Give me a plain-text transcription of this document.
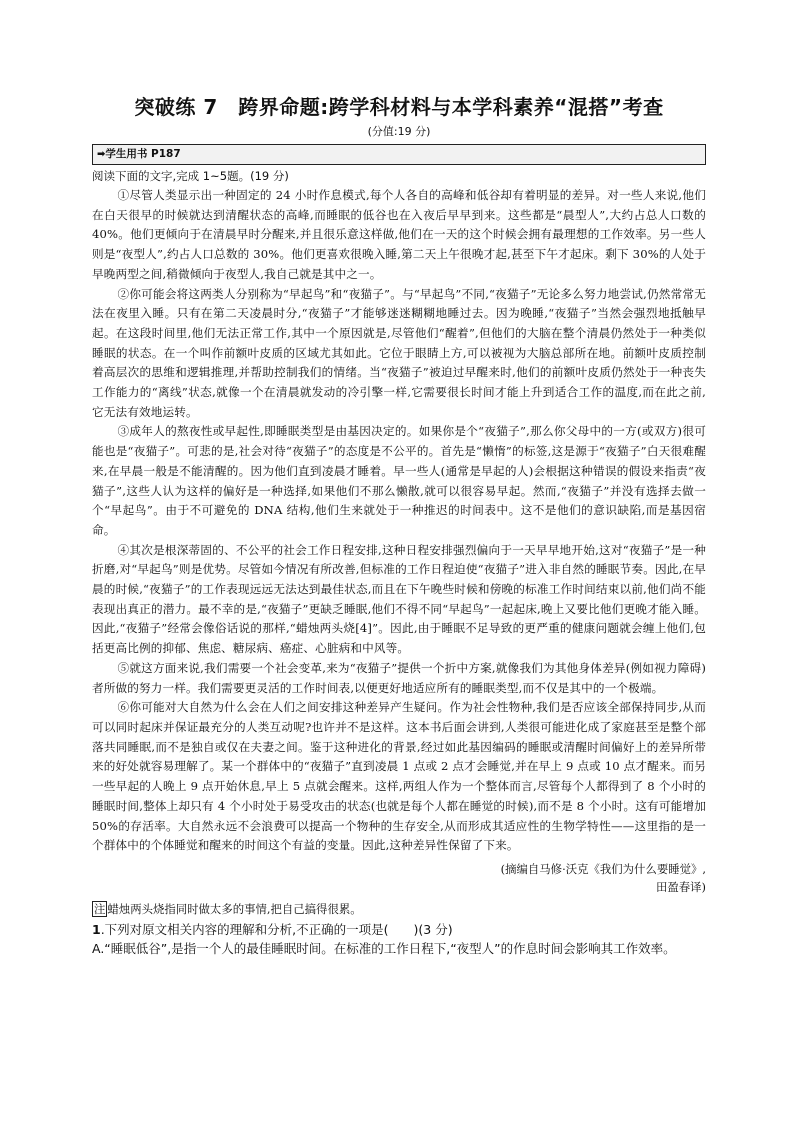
突破练 7　跨界命题:跨学科材料与本学科素养“混搭”考查
(分值:19 分)
➡学生用书 P187
阅读下面的文字,完成 1~5题。(19 分)

①尽管人类显示出一种固定的 24 小时作息模式,每个人各自的高峰和低谷却有着明显的差异。对一些人来说,他们在白天很早的时候就达到清醒状态的高峰,而睡眠的低谷也在入夜后早早到来。这些都是“晨型人”,大约占总人口数的 40%。他们更倾向于在清晨早时分醒来,并且很乐意这样做,他们在一天的这个时候会拥有最理想的工作效率。另一些人则是“夜型人”,约占人口总数的 30%。他们更喜欢很晚入睡,第二天上午很晚才起,甚至下午才起床。剩下 30%的人处于早晚两型之间,稍微倾向于夜型人,我自己就是其中之一。

②你可能会将这两类人分别称为“早起鸟”和“夜猫子”。与“早起鸟”不同,“夜猫子”无论多么努力地尝试,仍然常常无法在夜里入睡。只有在第二天凌晨时分,“夜猫子”才能够迷迷糊糊地睡过去。因为晚睡,“夜猫子”当然会强烈地抵触早起。在这段时间里,他们无法正常工作,其中一个原因就是,尽管他们“醒着”,但他们的大脑在整个清晨仍然处于一种类似睡眠的状态。在一个叫作前额叶皮质的区域尤其如此。它位于眼睛上方,可以被视为大脑总部所在地。前额叶皮质控制着高层次的思维和逻辑推理,并帮助控制我们的情绪。当“夜猫子”被迫过早醒来时,他们的前额叶皮质仍然处于一种丧失工作能力的“离线”状态,就像一个在清晨就发动的冷引擎一样,它需要很长时间才能上升到适合工作的温度,而在此之前,它无法有效地运转。

③成年人的熬夜性或早起性,即睡眠类型是由基因决定的。如果你是个“夜猫子”,那么你父母中的一方(或双方)很可能也是“夜猫子”。可悲的是,社会对待“夜猫子”的态度是不公平的。首先是“懒惰”的标签,这是源于“夜猫子”白天很难醒来,在早晨一般是不能清醒的。因为他们直到凌晨才睡着。早一些人(通常是早起的人)会根据这种错误的假设来指责“夜猫子”,这些人认为这样的偏好是一种选择,如果他们不那么懒散,就可以很容易早起。然而,“夜猫子”并没有选择去做一个“早起鸟”。由于不可避免的 DNA 结构,他们生来就处于一种推迟的时间表中。这不是他们的意识缺陷,而是基因宿命。

④其次是根深蒂固的、不公平的社会工作日程安排,这种日程安排强烈偏向于一天早早地开始,这对“夜猫子”是一种折磨,对“早起鸟”则是优势。尽管如今情况有所改善,但标准的工作日程迫使“夜猫子”进入非自然的睡眠节奏。因此,在早晨的时候,“夜猫子”的工作表现远远无法达到最佳状态,而且在下午晚些时候和傍晚的标准工作时间结束以前,他们尚不能表现出真正的潜力。最不幸的是,“夜猫子”更缺乏睡眠,他们不得不同“早起鸟”一起起床,晚上又要比他们更晚才能入睡。因此,“夜猫子”经常会像俗话说的那样,“蜡烛两头烧[4]”。因此,由于睡眠不足导致的更严重的健康问题就会缠上他们,包括更高比例的抑郁、焦虑、糖尿病、癌症、心脏病和中风等。

⑤就这方面来说,我们需要一个社会变革,来为“夜猫子”提供一个折中方案,就像我们为其他身体差异(例如视力障碍)者所做的努力一样。我们需要更灵活的工作时间表,以便更好地适应所有的睡眠类型,而不仅是其中的一个极端。

⑥你可能对大自然为什么会在人们之间安排这种差异产生疑问。作为社会性物种,我们是否应该全部保持同步,从而可以同时起床并保证最充分的人类互动呢?也许并不是这样。这本书后面会讲到,人类很可能进化成了家庭甚至是整个部落共同睡眠,而不是独自或仅在夫妻之间。鉴于这种进化的背景,经过如此基因编码的睡眠或清醒时间偏好上的差异所带来的好处就容易理解了。某一个群体中的“夜猫子”直到凌晨 1 点或 2 点才会睡觉,并在早上 9 点或 10 点才醒来。而另一些早起的人晚上 9 点开始休息,早上 5 点就会醒来。这样,两组人作为一个整体而言,尽管每个人都得到了 8 个小时的睡眠时间,整体上却只有 4 个小时处于易受攻击的状态(也就是每个人都在睡觉的时候),而不是 8 个小时。这有可能增加 50%的存活率。大自然永远不会浪费可以提高一个物种的生存安全,从而形成其适应性的生物学特性——这里指的是一个群体中的个体睡觉和醒来的时间这个有益的变量。因此,这种差异性保留了下来。

(摘编自马修·沃克《我们为什么要睡觉》,
田盈春译)
注 蜡烛两头烧指同时做太多的事情,把自己搞得很累。
1.下列对原文相关内容的理解和分析,不正确的一项是(　　)(3 分)
A.“睡眠低谷”,是指一个人的最佳睡眠时间。在标准的工作日程下,“夜型人”的作息时间会影响其工作效率。
